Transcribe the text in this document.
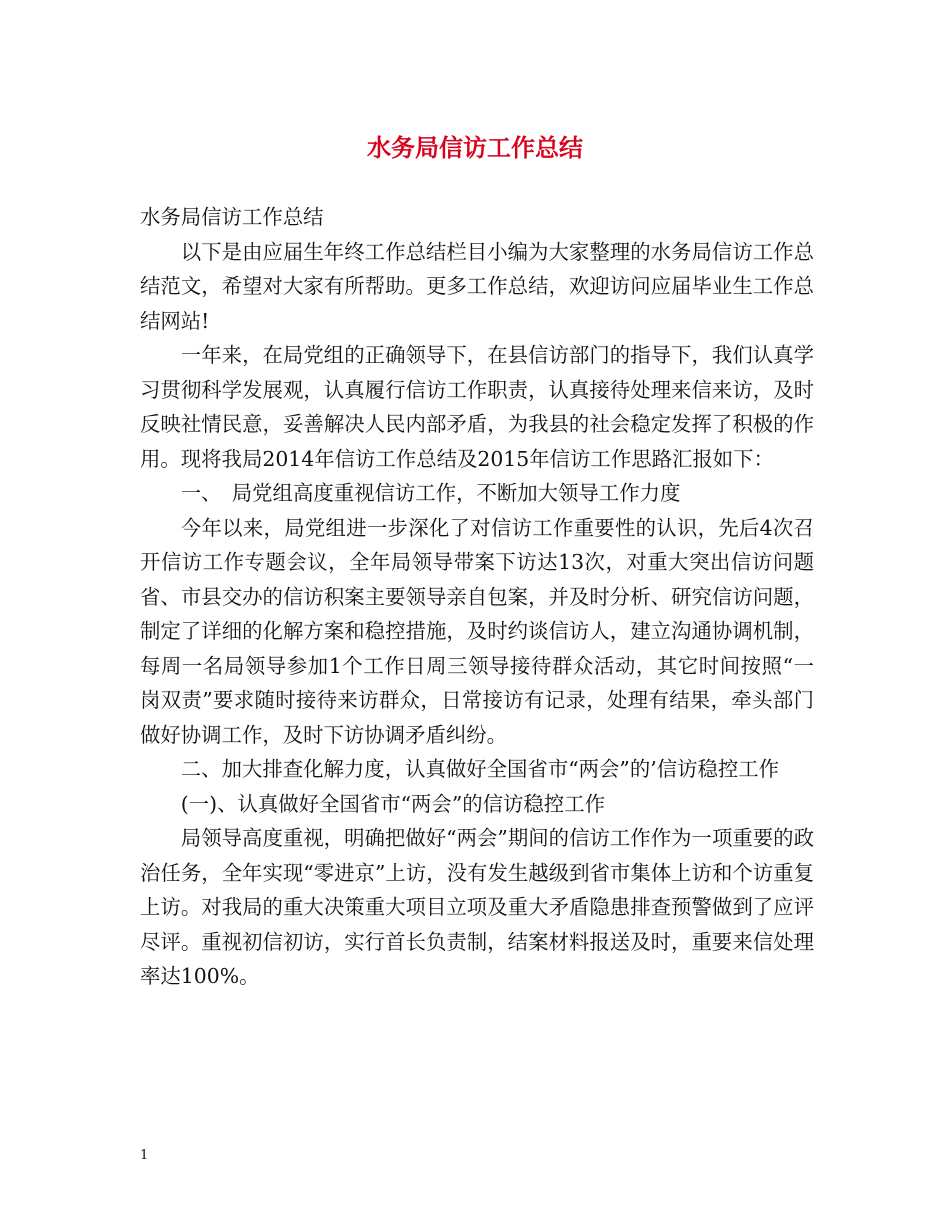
水务局信访工作总结

水务局信访工作总结

以下是由应届生年终工作总结栏目小编为大家整理的水务局信访工作总结范文，希望对大家有所帮助。更多工作总结，欢迎访问应届毕业生工作总结网站!

一年来，在局党组的正确领导下，在县信访部门的指导下，我们认真学习贯彻科学发展观，认真履行信访工作职责，认真接待处理来信来访，及时反映社情民意，妥善解决人民内部矛盾，为我县的社会稳定发挥了积极的作用。现将我局2014年信访工作总结及2015年信访工作思路汇报如下：

一、　局党组高度重视信访工作，不断加大领导工作力度

今年以来，局党组进一步深化了对信访工作重要性的认识，先后4次召开信访工作专题会议，全年局领导带案下访达13次，对重大突出信访问题省、市县交办的信访积案主要领导亲自包案，并及时分析、研究信访问题，制定了详细的化解方案和稳控措施，及时约谈信访人，建立沟通协调机制，每周一名局领导参加1个工作日周三领导接待群众活动，其它时间按照“一岗双责”要求随时接待来访群众，日常接访有记录，处理有结果，牵头部门做好协调工作，及时下访协调矛盾纠纷。

二、加大排查化解力度，认真做好全国省市“两会”的’信访稳控工作

(一)、认真做好全国省市“两会”的信访稳控工作

局领导高度重视，明确把做好“两会”期间的信访工作作为一项重要的政治任务，全年实现“零进京”上访，没有发生越级到省市集体上访和个访重复上访。对我局的重大决策重大项目立项及重大矛盾隐患排查预警做到了应评尽评。重视初信初访，实行首长负责制，结案材料报送及时，重要来信处理率达100%。

1
